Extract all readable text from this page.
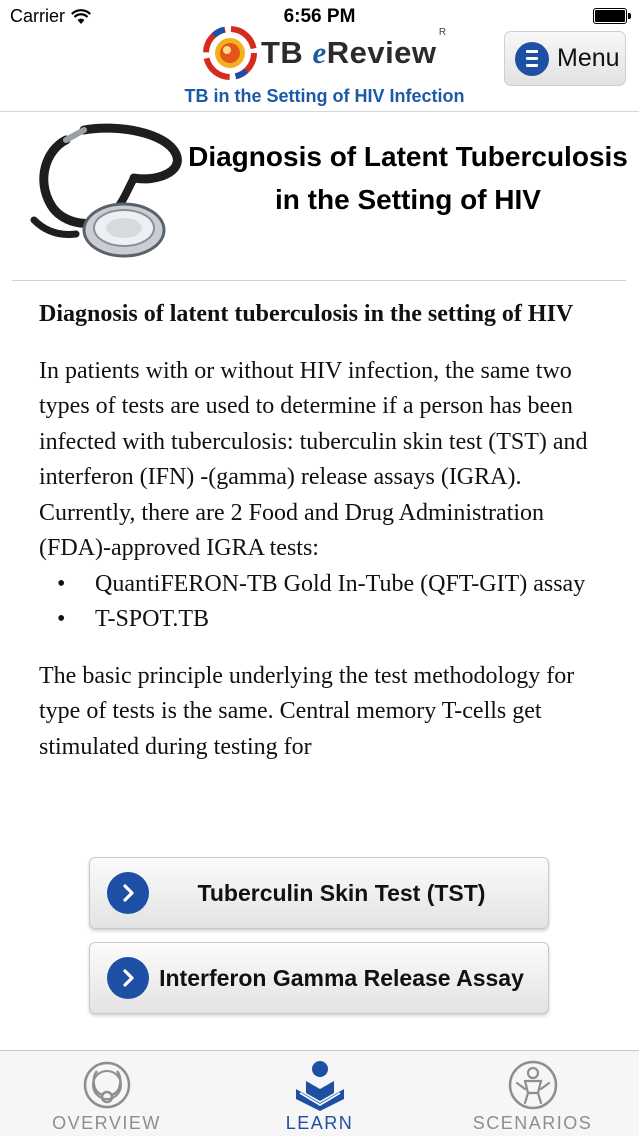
Carrier	6:56 PM
TB eReview
R
TB in the Setting of HIV Infection
Menu
Diagnosis of Latent Tuberculosis in the Setting of HIV
Diagnosis of latent tuberculosis in the setting of HIV

In patients with or without HIV infection, the same two types of tests are used to determine if a person has been infected with tuberculosis: tuberculin skin test (TST) and interferon (IFN) -(gamma) release assays (IGRA). Currently, there are 2 Food and Drug Administration (FDA)-approved IGRA tests:

• QuantiFERON-TB Gold In-Tube (QFT-GIT) assay
• T-SPOT.TB

The basic principle underlying the test methodology for type of tests is the same. Central memory T-cells get stimulated during testing for

Tuberculin Skin Test (TST)
Interferon Gamma Release Assay
OVERVIEW	LEARN	SCENARIOS
